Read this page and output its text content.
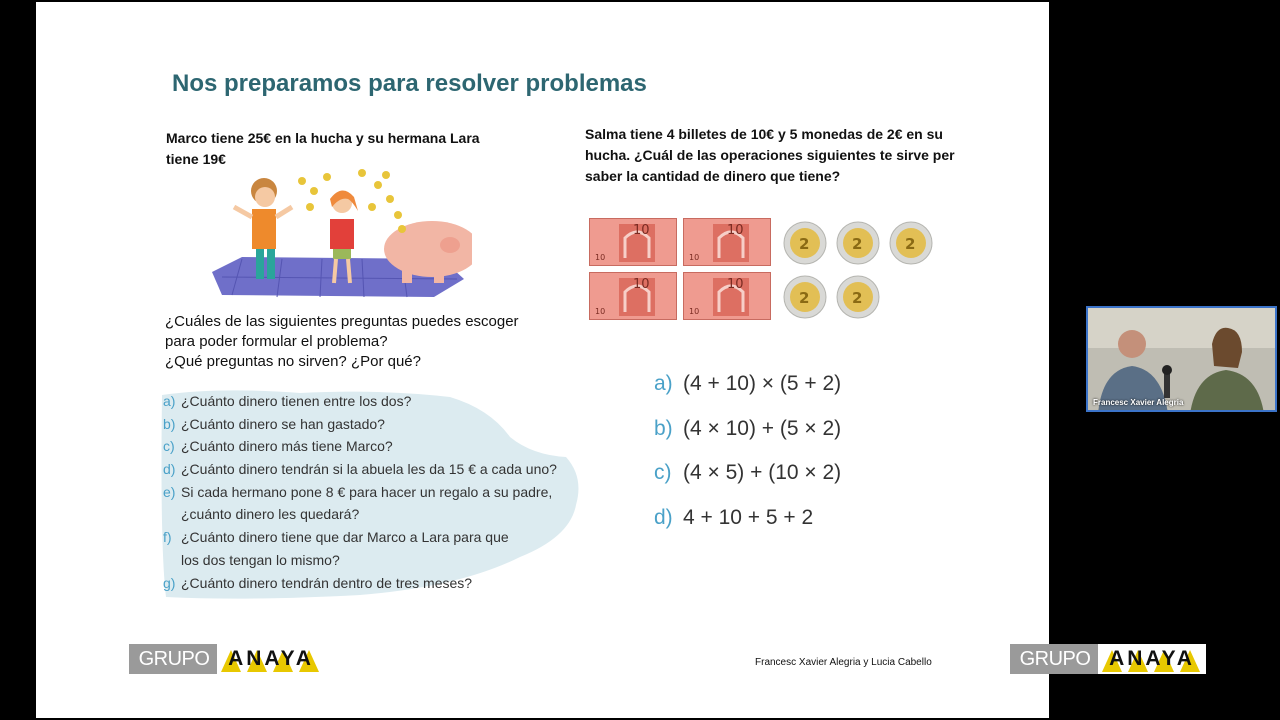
Nos preparamos para resolver problemas
Marco tiene 25€ en la hucha y su hermana Lara tiene 19€
¿Cuáles de las siguientes preguntas puedes escoger
para poder formular el problema?
¿Qué preguntas no sirven? ¿Por qué?
a) ¿Cuánto dinero tienen entre los dos?
b) ¿Cuánto dinero se han gastado?
c) ¿Cuánto dinero más tiene Marco?
d) ¿Cuánto dinero tendrán si la abuela les da 15 € a cada uno?
e) Si cada hermano pone 8 € para hacer un regalo a su padre,
¿cuánto dinero les quedará?
f) ¿Cuánto dinero tiene que dar Marco a Lara para que
los dos tengan lo mismo?
g) ¿Cuánto dinero tendrán dentro de tres meses?
Salma tiene 4 billetes de 10€ y 5 monedas de 2€ en su hucha. ¿Cuál de las operaciones siguientes te sirve per saber la cantidad de dinero que tiene?
10
10
10
10
10
10
10
10
2	2	2
2	2
a) (4 + 10) × (5 + 2)
b) (4 × 10) + (5 × 2)
c) (4 × 5) + (10 × 2)
d) 4 + 10 + 5 + 2
GRUPO ANAYA	Francesc Xavier Alegria y Lucia Cabello	GRUPO ANAYA
Francesc Xavier Alegria
